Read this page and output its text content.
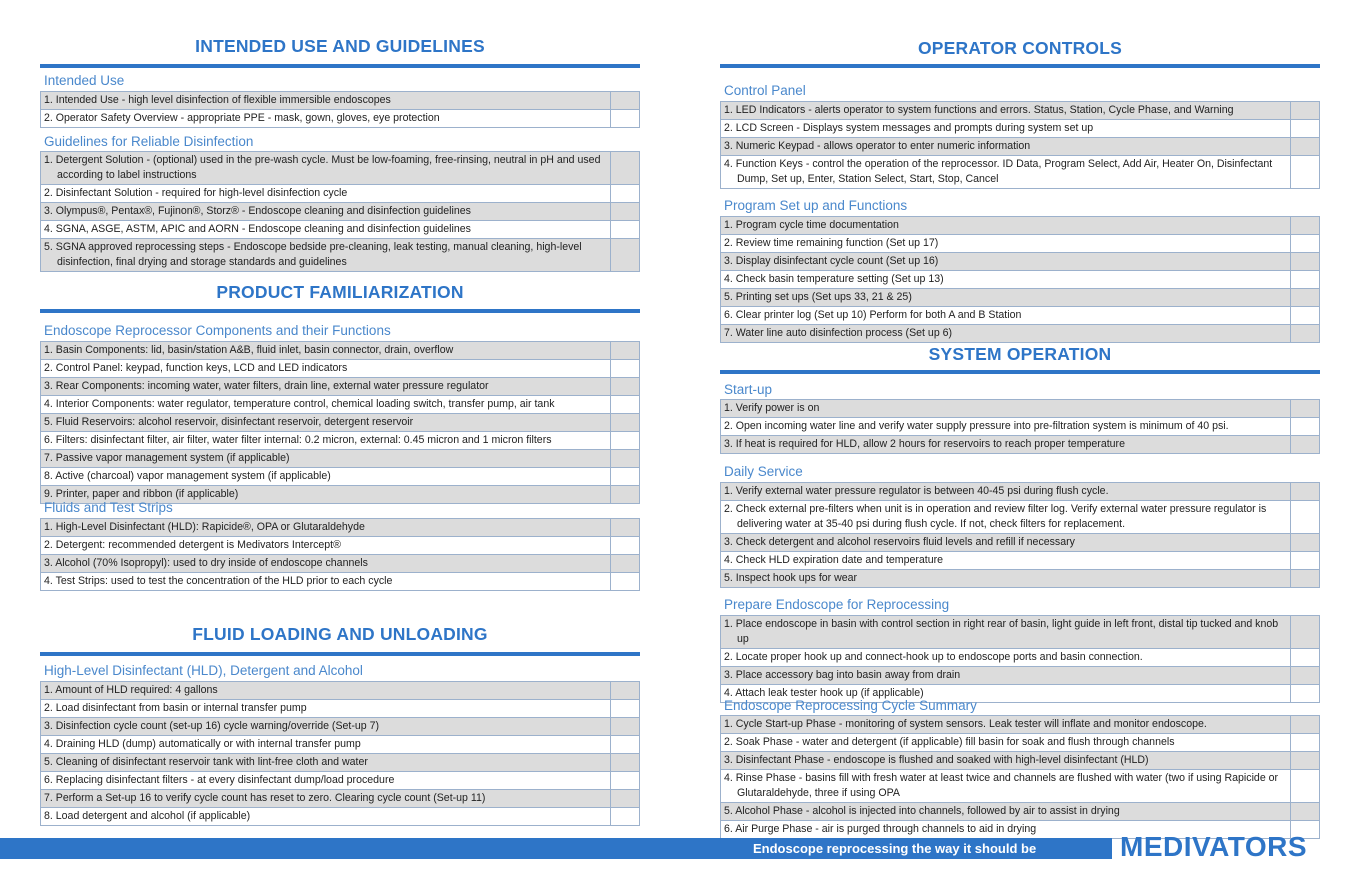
INTENDED USE AND GUIDELINES
Intended Use
1. Intended Use - high level disinfection of flexible immersible endoscopes
2. Operator Safety Overview - appropriate PPE - mask, gown, gloves, eye protection
Guidelines for Reliable Disinfection
1. Detergent Solution - (optional) used in the pre-wash cycle. Must be low-foaming, free-rinsing, neutral in pH and used according to label instructions
2. Disinfectant Solution - required for high-level disinfection cycle
3. Olympus®, Pentax®, Fujinon®, Storz® - Endoscope cleaning and disinfection guidelines
4. SGNA, ASGE, ASTM, APIC and AORN - Endoscope cleaning and disinfection guidelines
5. SGNA approved reprocessing steps - Endoscope bedside pre-cleaning, leak testing, manual cleaning, high-level disinfection, final drying and storage standards and guidelines
PRODUCT FAMILIARIZATION
Endoscope Reprocessor Components and their Functions
1. Basin Components: lid, basin/station A&B, fluid inlet, basin connector, drain, overflow
2. Control Panel: keypad, function keys, LCD and LED indicators
3. Rear Components: incoming water, water filters, drain line, external water pressure regulator
4. Interior Components: water regulator, temperature control, chemical loading switch, transfer pump, air tank
5. Fluid Reservoirs: alcohol reservoir, disinfectant reservoir, detergent reservoir
6. Filters: disinfectant filter, air filter, water filter internal: 0.2 micron, external: 0.45 micron and 1 micron filters
7. Passive vapor management system (if applicable)
8. Active (charcoal) vapor management system (if applicable)
9. Printer, paper and ribbon (if applicable)
Fluids and Test Strips
1. High-Level Disinfectant (HLD): Rapicide®, OPA or Glutaraldehyde
2. Detergent: recommended detergent is Medivators Intercept®
3. Alcohol (70% Isopropyl): used to dry inside of endoscope channels
4. Test Strips: used to test the concentration of the HLD prior to each cycle
FLUID LOADING AND UNLOADING
High-Level Disinfectant (HLD), Detergent and Alcohol
1. Amount of HLD required: 4 gallons
2. Load disinfectant from basin or internal transfer pump
3. Disinfection cycle count (set-up 16) cycle warning/override (Set-up 7)
4. Draining HLD (dump) automatically or with internal transfer pump
5. Cleaning of disinfectant reservoir tank with lint-free cloth and water
6. Replacing disinfectant filters - at every disinfectant dump/load procedure
7. Perform a Set-up 16 to verify cycle count has reset to zero. Clearing cycle count (Set-up 11)
8. Load detergent and alcohol (if applicable)
OPERATOR CONTROLS
Control Panel
1. LED Indicators - alerts operator to system functions and errors. Status, Station, Cycle Phase, and Warning
2. LCD Screen - Displays system messages and prompts during system set up
3. Numeric Keypad - allows operator to enter numeric information
4. Function Keys - control the operation of the reprocessor. ID Data, Program Select, Add Air, Heater On, Disinfectant Dump, Set up, Enter, Station Select, Start, Stop, Cancel
Program Set up and Functions
1. Program cycle time documentation
2. Review time remaining function (Set up 17)
3. Display disinfectant cycle count (Set up 16)
4. Check basin temperature setting (Set up 13)
5. Printing set ups (Set ups 33, 21 & 25)
6. Clear printer log (Set up 10) Perform for both A and B Station
7. Water line auto disinfection process (Set up 6)
SYSTEM OPERATION
Start-up
1. Verify power is on
2. Open incoming water line and verify water supply pressure into pre-filtration system is minimum of 40 psi.
3. If heat is required for HLD, allow 2 hours for reservoirs to reach proper temperature
Daily Service
1. Verify external water pressure regulator is between 40-45 psi during flush cycle.
2. Check external pre-filters when unit is in operation and review filter log. Verify external water pressure regulator is delivering water at 35-40 psi during flush cycle. If not, check filters for replacement.
3. Check detergent and alcohol reservoirs fluid levels and refill if necessary
4. Check HLD expiration date and temperature
5. Inspect hook ups for wear
Prepare Endoscope for Reprocessing
1. Place endoscope in basin with control section in right rear of basin, light guide in left front, distal tip tucked and knob up
2. Locate proper hook up and connect-hook up to endoscope ports and basin connection.
3. Place accessory bag into basin away from drain
4. Attach leak tester hook up (if applicable)
Endoscope Reprocessing Cycle Summary
1. Cycle Start-up Phase - monitoring of system sensors. Leak tester will inflate and monitor endoscope.
2. Soak Phase - water and detergent (if applicable) fill basin for soak and flush through channels
3. Disinfectant Phase - endoscope is flushed and soaked with high-level disinfectant (HLD)
4. Rinse Phase - basins fill with fresh water at least twice and channels are flushed with water (two if using Rapicide or Glutaraldehyde, three if using OPA
5. Alcohol Phase - alcohol is injected into channels, followed by air to assist in drying
6. Air Purge Phase - air is purged through channels to aid in drying
Endoscope reprocessing the way it should be	MEDIVATORS
